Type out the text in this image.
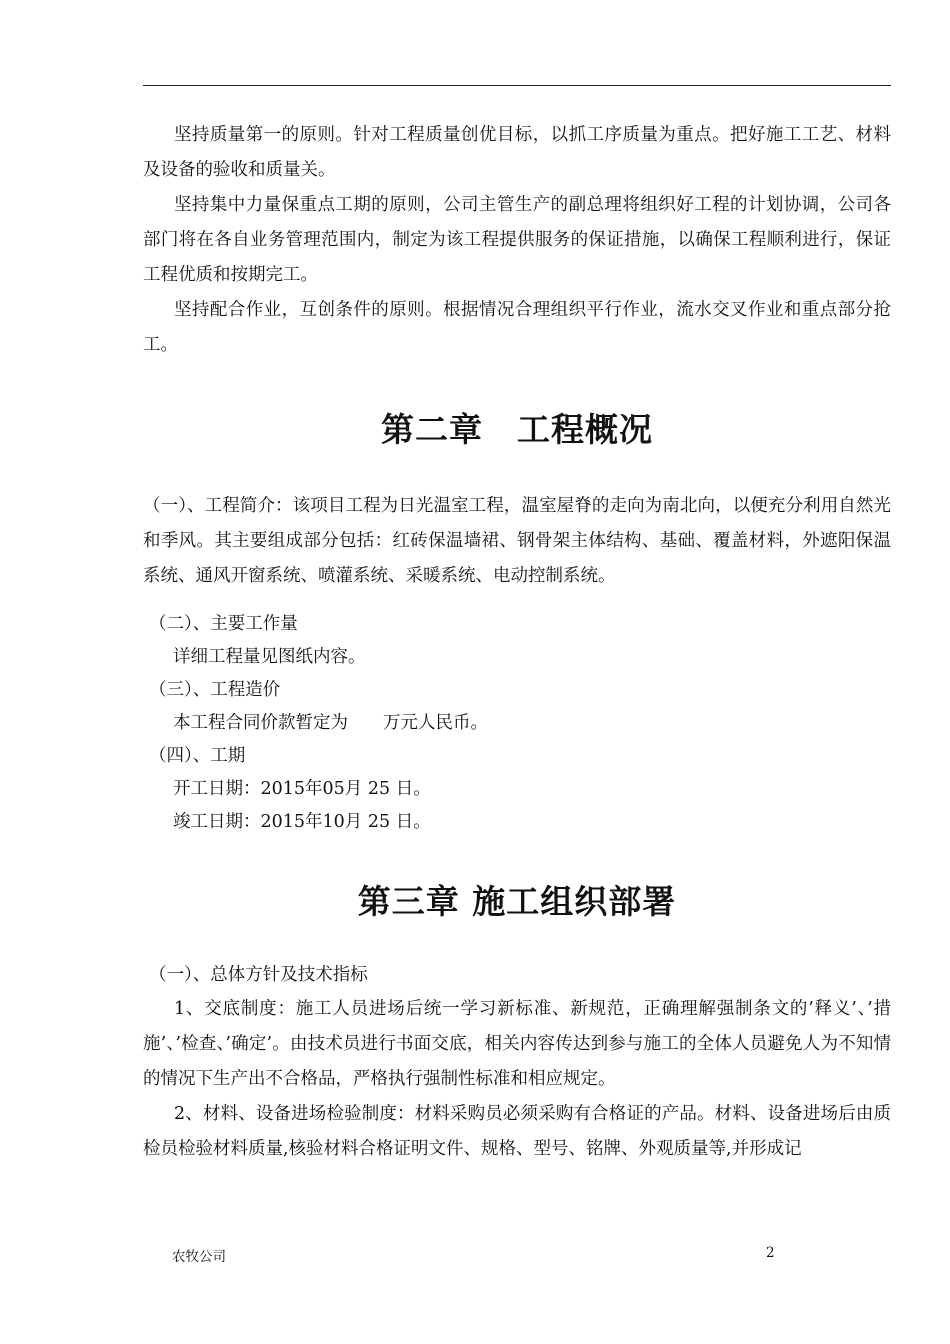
坚持质量第一的原则。针对工程质量创优目标，以抓工序质量为重点。把好施工工艺、材料及设备的验收和质量关。

坚持集中力量保重点工期的原则，公司主管生产的副总理将组织好工程的计划协调，公司各部门将在各自业务管理范围内，制定为该工程提供服务的保证措施，以确保工程顺利进行，保证工程优质和按期完工。

坚持配合作业，互创条件的原则。根据情况合理组织平行作业，流水交叉作业和重点部分抢工。

第二章　工程概况

（一）、工程简介：该项目工程为日光温室工程，温室屋脊的走向为南北向，以便充分利用自然光和季风。其主要组成部分包括：红砖保温墙裙、钢骨架主体结构、基础、覆盖材料，外遮阳保温系统、通风开窗系统、喷灌系统、采暖系统、电动控制系统。

（二）、主要工作量

详细工程量见图纸内容。

（三）、工程造价

本工程合同价款暂定为　　万元人民币。

（四）、工期

开工日期：2015年05月 25 日。

竣工日期：2015年10月 25 日。

第三章 施工组织部署

（一）、总体方针及技术指标

1、交底制度：施工人员进场后统一学习新标准、新规范，正确理解强制条文的’释义’、’措施’、’检查、’确定’。由技术员进行书面交底，相关内容传达到参与施工的全体人员避免人为不知情的情况下生产出不合格品，严格执行强制性标准和相应规定。

2、材料、设备进场检验制度：材料采购员必须采购有合格证的产品。材料、设备进场后由质检员检验材料质量,核验材料合格证明文件、规格、型号、铭牌、外观质量等,并形成记

农牧公司	2
